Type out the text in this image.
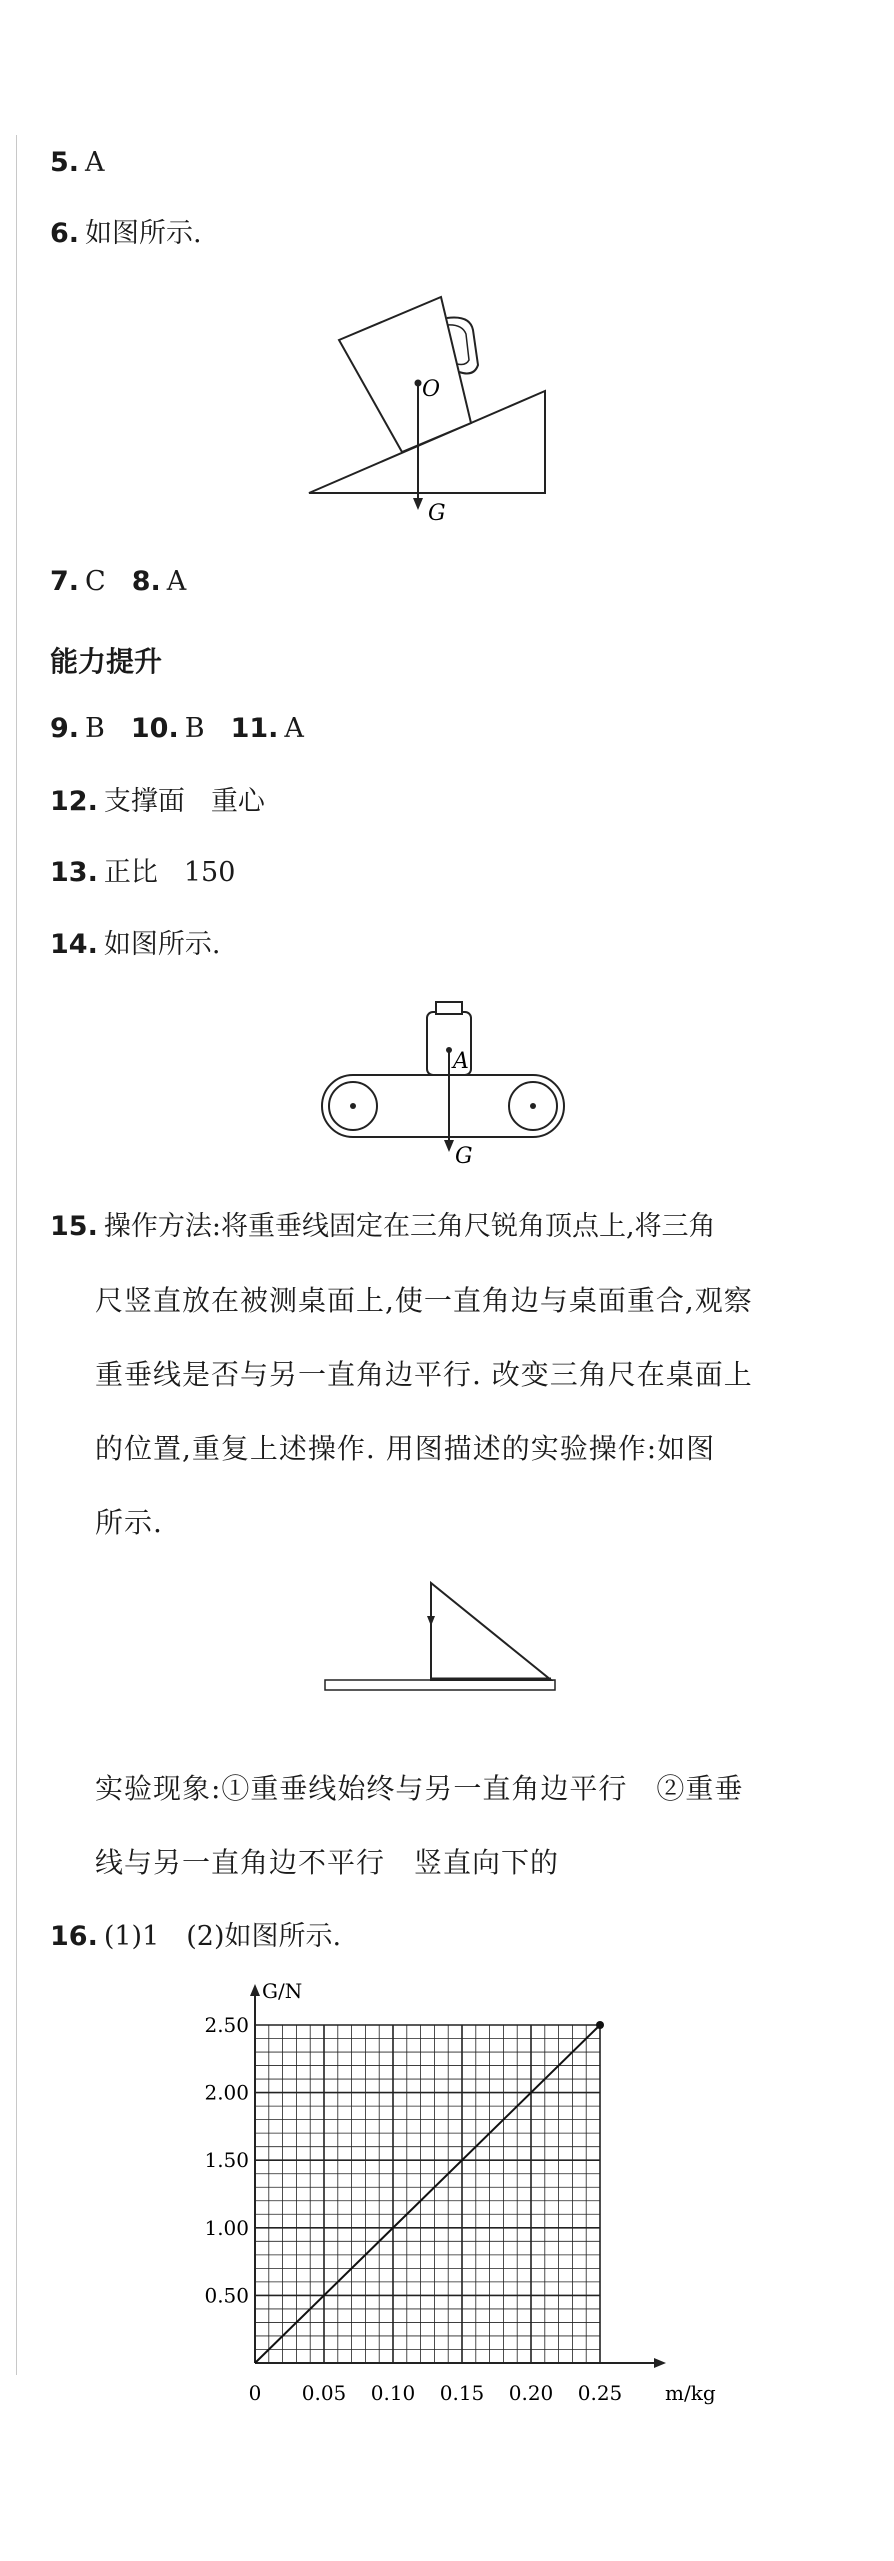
5. A
6. 如图所示.
O
G
7. C 8. A
能力提升
9. B 10. B 11. A
12. 支撑面 重心
13. 正比 150
14. 如图所示.
A
G
15. 操作方法:将重垂线固定在三角尺锐角顶点上,将三角
尺竖直放在被测桌面上,使一直角边与桌面重合,观察
重垂线是否与另一直角边平行. 改变三角尺在桌面上
的位置,重复上述操作. 用图描述的实验操作:如图
所示.
实验现象:①重垂线始终与另一直角边平行　②重垂
线与另一直角边不平行　竖直向下的
16. (1)1　(2)如图所示.
0 0.05 0.10 0.15 0.20 0.25
0.50
1.00
1.50
2.00
2.50
G/N
m/kg
